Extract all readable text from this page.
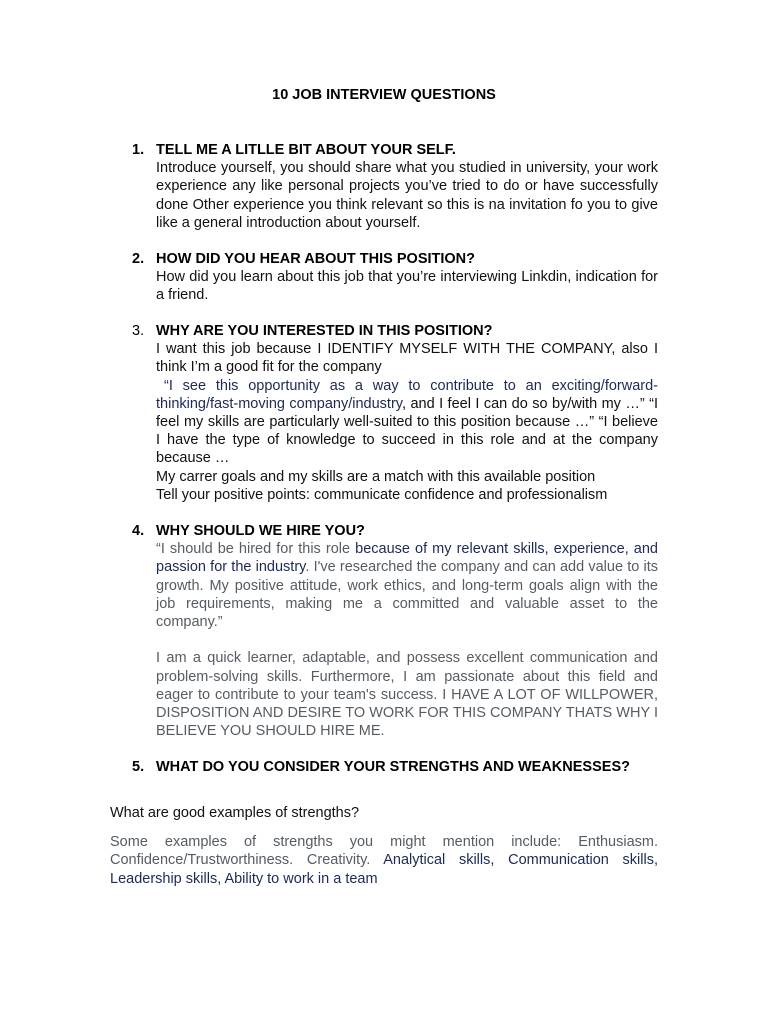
10 JOB INTERVIEW QUESTIONS
1. TELL ME A LITLLE BIT ABOUT YOUR SELF.

Introduce yourself, you should share what you studied in university, your work experience any like personal projects you’ve tried to do or have successfully done Other experience you think relevant so this is na invitation fo you to give like a general introduction about yourself.

2. HOW DID YOU HEAR ABOUT THIS POSITION?

How did you learn about this job that you’re interviewing Linkdin, indication for a friend.

3. WHY ARE YOU INTERESTED IN THIS POSITION?

I want this job because I IDENTIFY MYSELF WITH THE COMPANY, also I think I’m a good fit for the company

“I see this opportunity as a way to contribute to an exciting/forward-thinking/fast-moving company/industry, and I feel I can do so by/with my …” “I feel my skills are particularly well-suited to this position because …” “I believe I have the type of knowledge to succeed in this role and at the company because …

My carrer goals and my skills are a match with this available position

Tell your positive points: communicate confidence and professionalism

4. WHY SHOULD WE HIRE YOU?

“I should be hired for this role because of my relevant skills, experience, and passion for the industry. I've researched the company and can add value to its growth. My positive attitude, work ethics, and long-term goals align with the job requirements, making me a committed and valuable asset to the company.”

I am a quick learner, adaptable, and possess excellent communication and problem-solving skills. Furthermore, I am passionate about this field and eager to contribute to your team's success. I HAVE A LOT OF WILLPOWER, DISPOSITION AND DESIRE TO WORK FOR THIS COMPANY THATS WHY I BELIEVE YOU SHOULD HIRE ME.

5. WHAT DO YOU CONSIDER YOUR STRENGTHS AND WEAKNESSES?

What are good examples of strengths?

Some examples of strengths you might mention include: Enthusiasm. Confidence/Trustworthiness. Creativity. Analytical skills, Communication skills, Leadership skills, Ability to work in a team
